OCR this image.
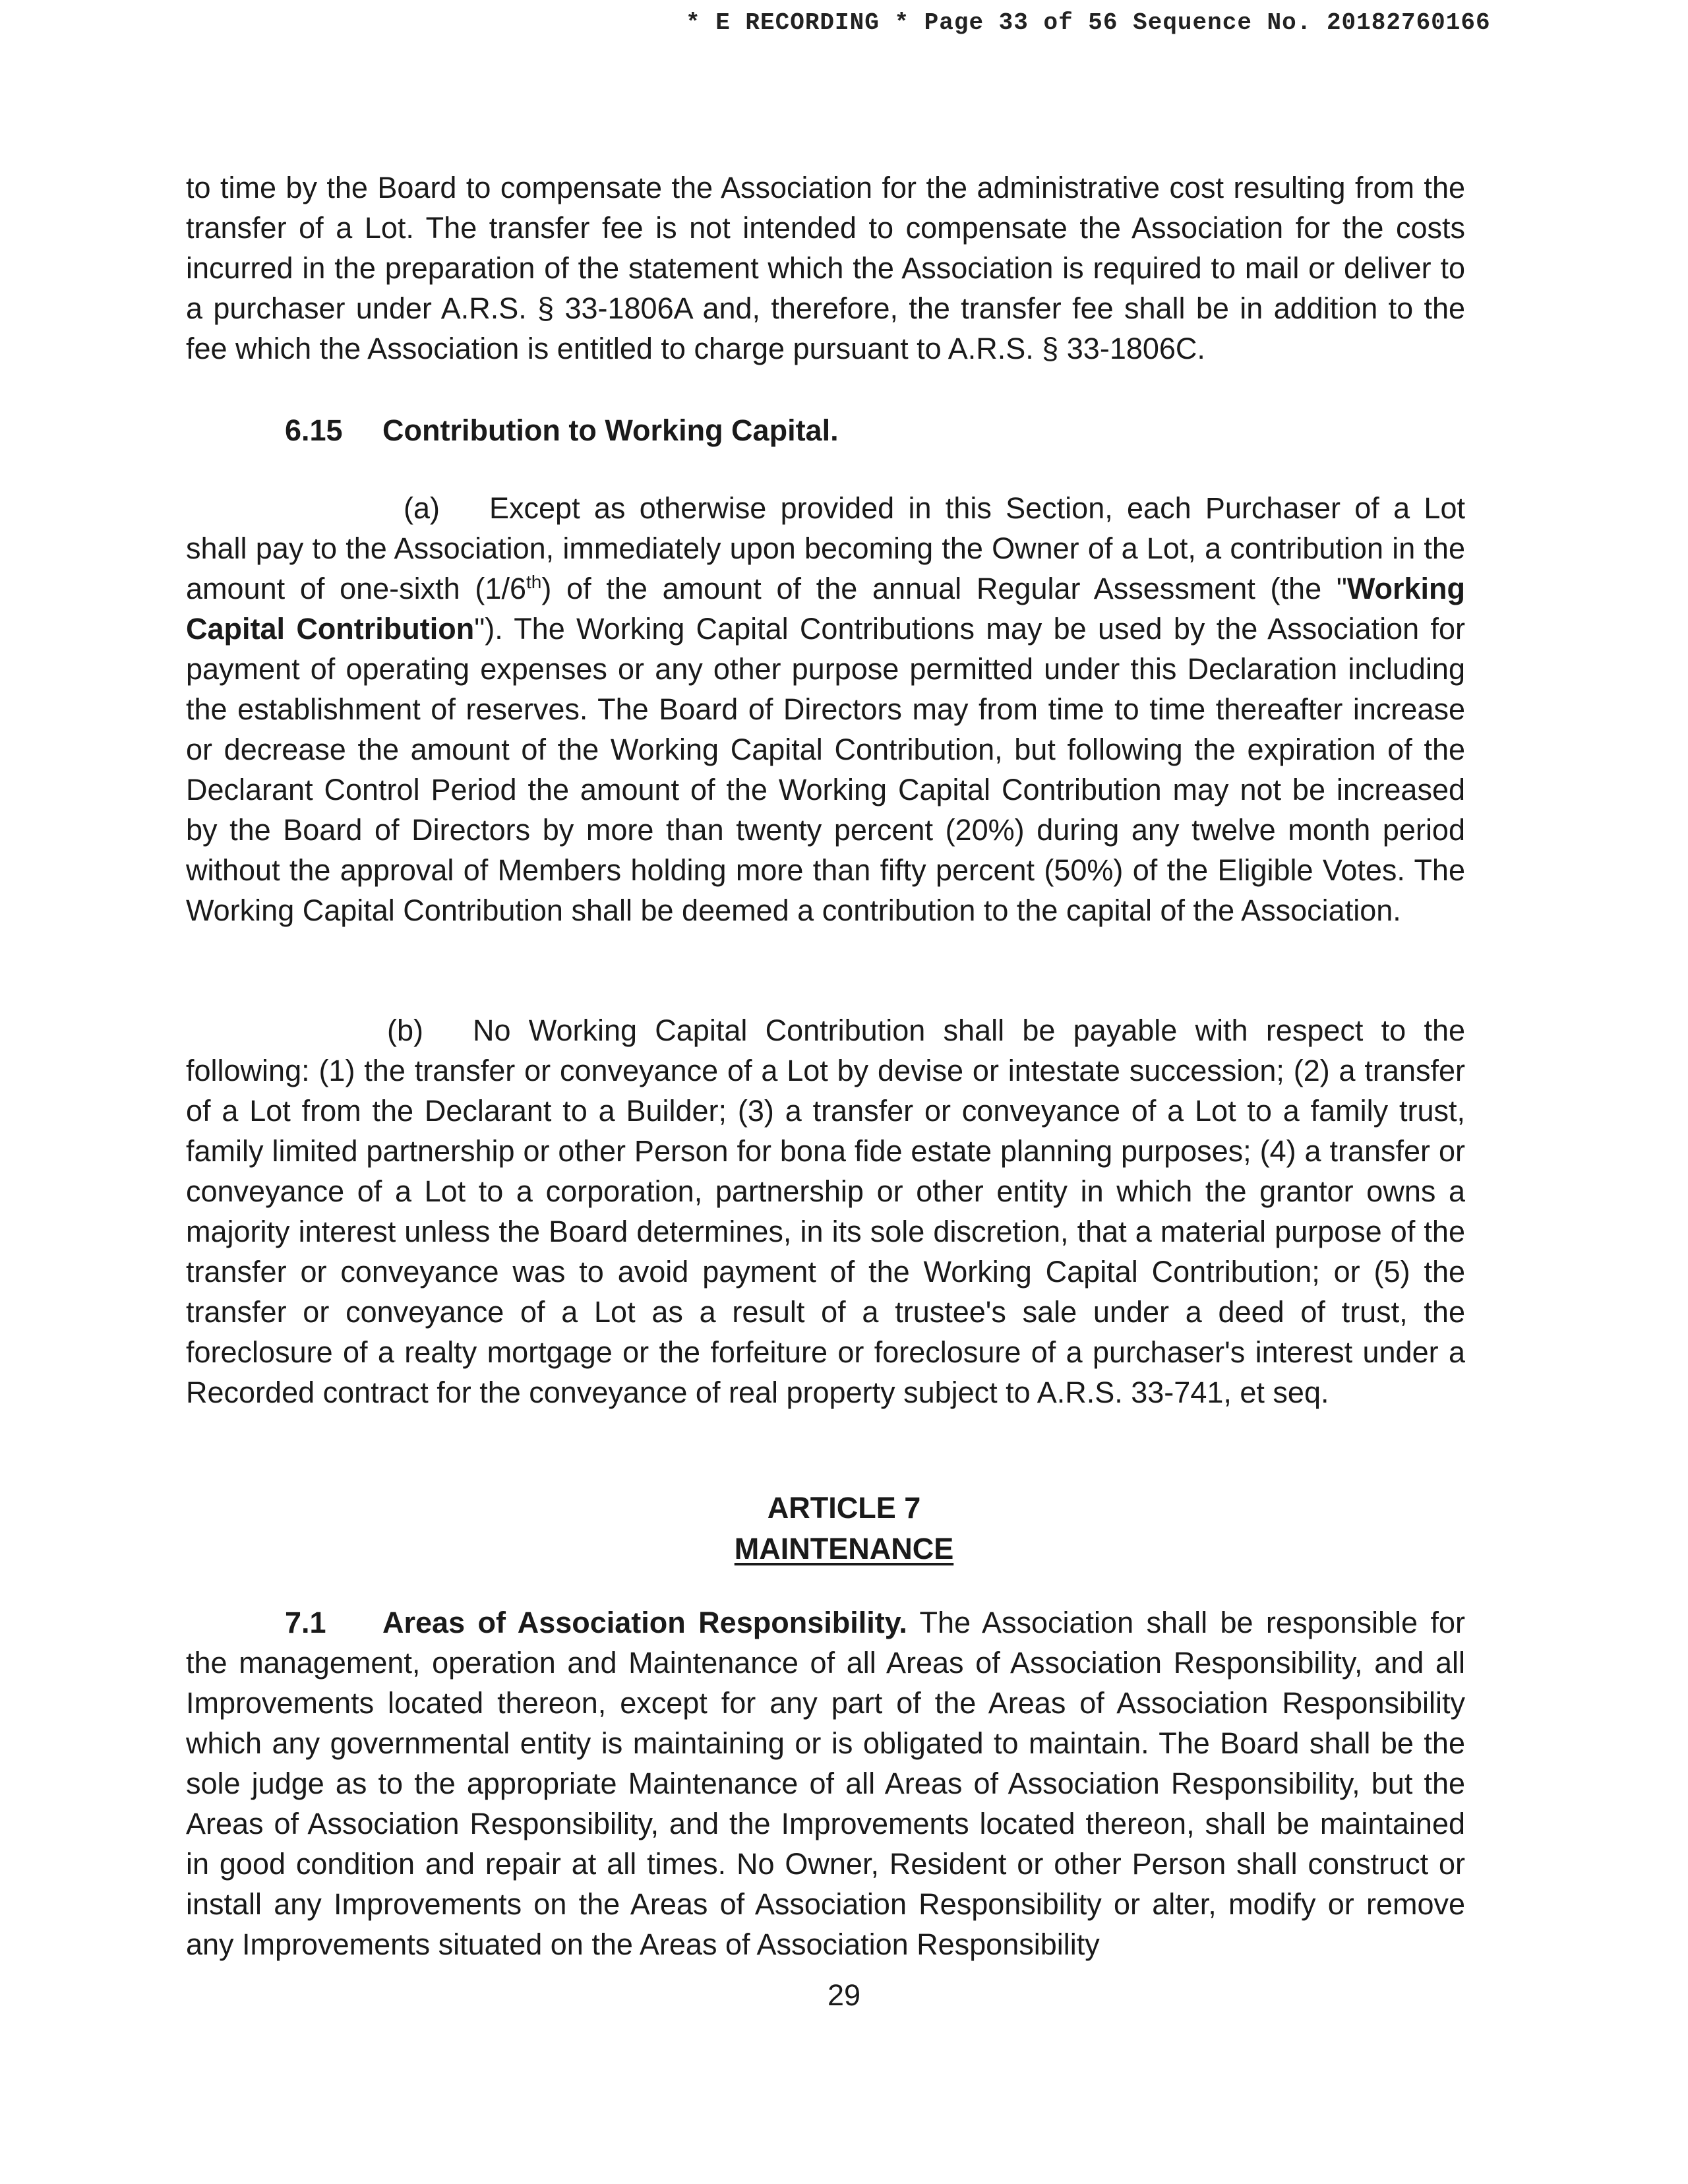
* E RECORDING * Page 33 of 56 Sequence No. 20182760166
to time by the Board to compensate the Association for the administrative cost resulting from the transfer of a Lot. The transfer fee is not intended to compensate the Association for the costs incurred in the preparation of the statement which the Association is required to mail or deliver to a purchaser under A.R.S. § 33-1806A and, therefore, the transfer fee shall be in addition to the fee which the Association is entitled to charge pursuant to A.R.S. § 33-1806C.
6.15 Contribution to Working Capital.
(a) Except as otherwise provided in this Section, each Purchaser of a Lot shall pay to the Association, immediately upon becoming the Owner of a Lot, a contribution in the amount of one-sixth (1/6th) of the amount of the annual Regular Assessment (the "Working Capital Contribution"). The Working Capital Contributions may be used by the Association for payment of operating expenses or any other purpose permitted under this Declaration including the establishment of reserves. The Board of Directors may from time to time thereafter increase or decrease the amount of the Working Capital Contribution, but following the expiration of the Declarant Control Period the amount of the Working Capital Contribution may not be increased by the Board of Directors by more than twenty percent (20%) during any twelve month period without the approval of Members holding more than fifty percent (50%) of the Eligible Votes. The Working Capital Contribution shall be deemed a contribution to the capital of the Association.
(b) No Working Capital Contribution shall be payable with respect to the following: (1) the transfer or conveyance of a Lot by devise or intestate succession; (2) a transfer of a Lot from the Declarant to a Builder; (3) a transfer or conveyance of a Lot to a family trust, family limited partnership or other Person for bona fide estate planning purposes; (4) a transfer or conveyance of a Lot to a corporation, partnership or other entity in which the grantor owns a majority interest unless the Board determines, in its sole discretion, that a material purpose of the transfer or conveyance was to avoid payment of the Working Capital Contribution; or (5) the transfer or conveyance of a Lot as a result of a trustee's sale under a deed of trust, the foreclosure of a realty mortgage or the forfeiture or foreclosure of a purchaser's interest under a Recorded contract for the conveyance of real property subject to A.R.S. 33-741, et seq.
ARTICLE 7
MAINTENANCE
7.1 Areas of Association Responsibility. The Association shall be responsible for the management, operation and Maintenance of all Areas of Association Responsibility, and all Improvements located thereon, except for any part of the Areas of Association Responsibility which any governmental entity is maintaining or is obligated to maintain. The Board shall be the sole judge as to the appropriate Maintenance of all Areas of Association Responsibility, but the Areas of Association Responsibility, and the Improvements located thereon, shall be maintained in good condition and repair at all times. No Owner, Resident or other Person shall construct or install any Improvements on the Areas of Association Responsibility or alter, modify or remove any Improvements situated on the Areas of Association Responsibility
29
